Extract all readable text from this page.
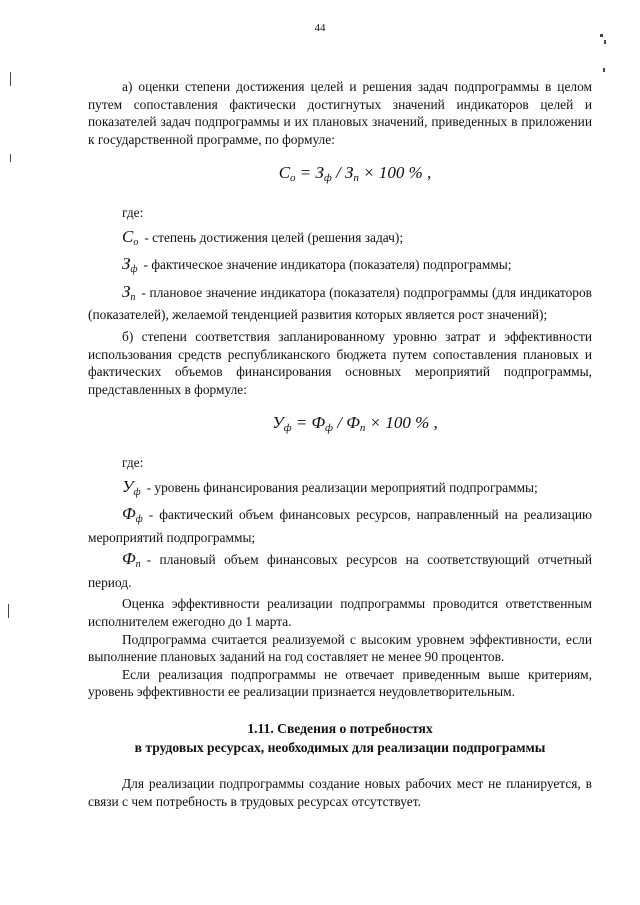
44

а) оценки степени достижения целей и решения задач подпрограммы в целом путем сопоставления фактически достигнутых значений индикаторов целей и показателей задач подпрограммы и их плановых значений, приведенных в приложении к государственной программе, по формуле:

$С_о = З_ф / З_п \times 100$ % ,

где:

$С_о$ - степень достижения целей (решения задач);

$З_ф$ - фактическое значение индикатора (показателя) подпрограммы;

$З_п$ - плановое значение индикатора (показателя) подпрограммы (для индикаторов (показателей), желаемой тенденцией развития которых является рост значений);

б) степени соответствия запланированному уровню затрат и эффективности использования средств республиканского бюджета путем сопоставления плановых и фактических объемов финансирования основных мероприятий подпрограммы, представленных в формуле:

$У_ф = Ф_ф / Ф_п \times 100$ % ,

где:

$У_ф$ - уровень финансирования реализации мероприятий подпрограммы;

$Ф_ф$ - фактический объем финансовых ресурсов, направленный на реализацию мероприятий подпрограммы;

$Ф_п$ - плановый объем финансовых ресурсов на соответствующий отчетный период.

Оценка эффективности реализации подпрограммы проводится ответственным исполнителем ежегодно до 1 марта.

Подпрограмма считается реализуемой с высоким уровнем эффективности, если выполнение плановых заданий на год составляет не менее 90 процентов.

Если реализация подпрограммы не отвечает приведенным выше критериям, уровень эффективности ее реализации признается неудовлетворительным.

1.11. Сведения о потребностях
в трудовых ресурсах, необходимых для реализации подпрограммы

Для реализации подпрограммы создание новых рабочих мест не планируется, в связи с чем потребность в трудовых ресурсах отсутствует.
